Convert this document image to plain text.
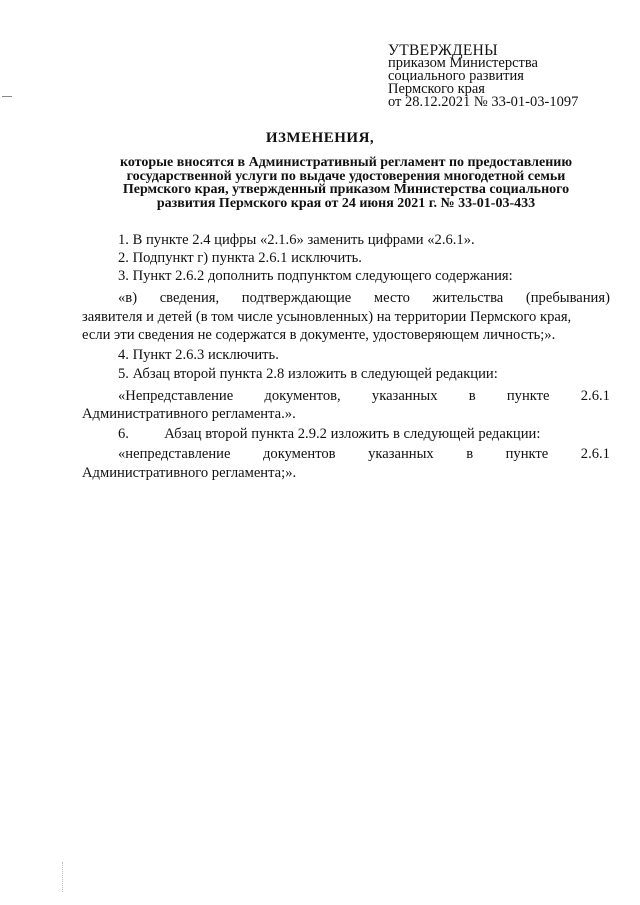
УТВЕРЖДЕНЫ
приказом Министерства
социального развития
Пермского края
от 28.12.2021 № 33-01-03-1097
ИЗМЕНЕНИЯ,
которые вносятся в Административный регламент по предоставлению
государственной услуги по выдаче удостоверения многодетной семьи
Пермского края, утвержденный приказом Министерства социального
развития Пермского края от 24 июня 2021 г. № 33-01-03-433
1. В пункте 2.4 цифры «2.1.6» заменить цифрами «2.6.1».
2. Подпункт г) пункта 2.6.1 исключить.
3. Пункт 2.6.2 дополнить подпунктом следующего содержания:
«в) сведения, подтверждающие место жительства (пребывания)
заявителя и детей (в том числе усыновленных) на территории Пермского края,
если эти сведения не содержатся в документе, удостоверяющем личность;».
4. Пункт 2.6.3 исключить.
5. Абзац второй пункта 2.8 изложить в следующей редакции:
«Непредставление документов, указанных в пункте 2.6.1
Административного регламента.».
6. Абзац второй пункта 2.9.2 изложить в следующей редакции:
«непредставление документов указанных в пункте 2.6.1
Административного регламента;».
